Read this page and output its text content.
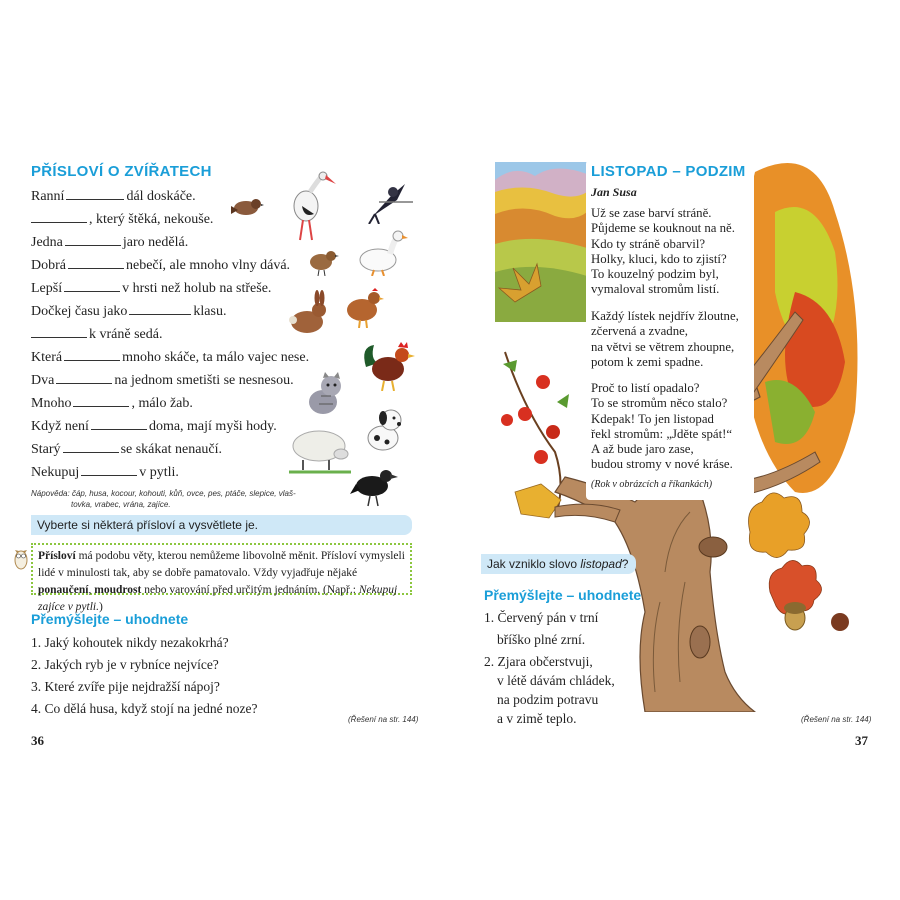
PŘÍSLOVÍ O ZVÍŘATECH
Ranní	dál doskáče.
, který štěká, nekouše.
Jedna	jaro nedělá.
Dobrá	nebečí, ale mnoho vlny dává.
Lepší	v hrsti než holub na střeše.
Dočkej času jako	klasu.
k vráně sedá.
Která	mnoho skáče, ta málo vajec nese.
Dva	na jednom smetišti se nesnesou.
Mnoho	, málo žab.
Když není	doma, mají myši hody.
Starý	se skákat nenaučí.
Nekupuj	v pytli.
Nápověda: čáp, husa, kocour, kohouti, kůň, ovce, pes, ptáče, slepice, vlaš-
tovka, vrabec, vrána, zajíce.
Vyberte si některá přísloví a vysvětlete je.
Přísloví má podobu věty, kterou nemůžeme libovolně měnit. Přísloví vymysleli lidé v minulosti tak, aby se dobře pamatovalo. Vždy vyjadřuje nějaké ponaučení, moudrost nebo varování před určitým jednáním. (Např.: Nekupuj zajíce v pytli.)
Přemýšlejte – uhodnete
1. Jaký kohoutek nikdy nezakokrhá?
2. Jakých ryb je v rybníce nejvíce?
3. Které zvíře pije nejdražší nápoj?
4. Co dělá husa, když stojí na jedné noze?
(Řešení na str. 144)
36
LISTOPAD – PODZIM
Jan Susa
Už se zase barví stráně.
Půjdeme se kouknout na ně.
Kdo ty stráně obarvil?
Holky, kluci, kdo to zjistí?
To kouzelný podzim byl,
vymaloval stromům listí.
Každý lístek nejdřív žloutne,
zčervená a zvadne,
na větvi se větrem zhoupne,
potom k zemi spadne.
Proč to listí opadalo?
To se stromům něco stalo?
Kdepak! To jen listopad
řekl stromům: „Jděte spát!“
A až bude jaro zase,
budou stromy v nové kráse.
(Rok v obrázcích a říkankách)
Jak vzniklo slovo listopad?
Přemýšlejte – uhodnete
1. Červený pán v trní
bříško plné zrní.
2. Zjara občerstvuji,
v létě dávám chládek,
na podzim potravu
a v zimě teplo.	(Řešení na str. 144)
37
